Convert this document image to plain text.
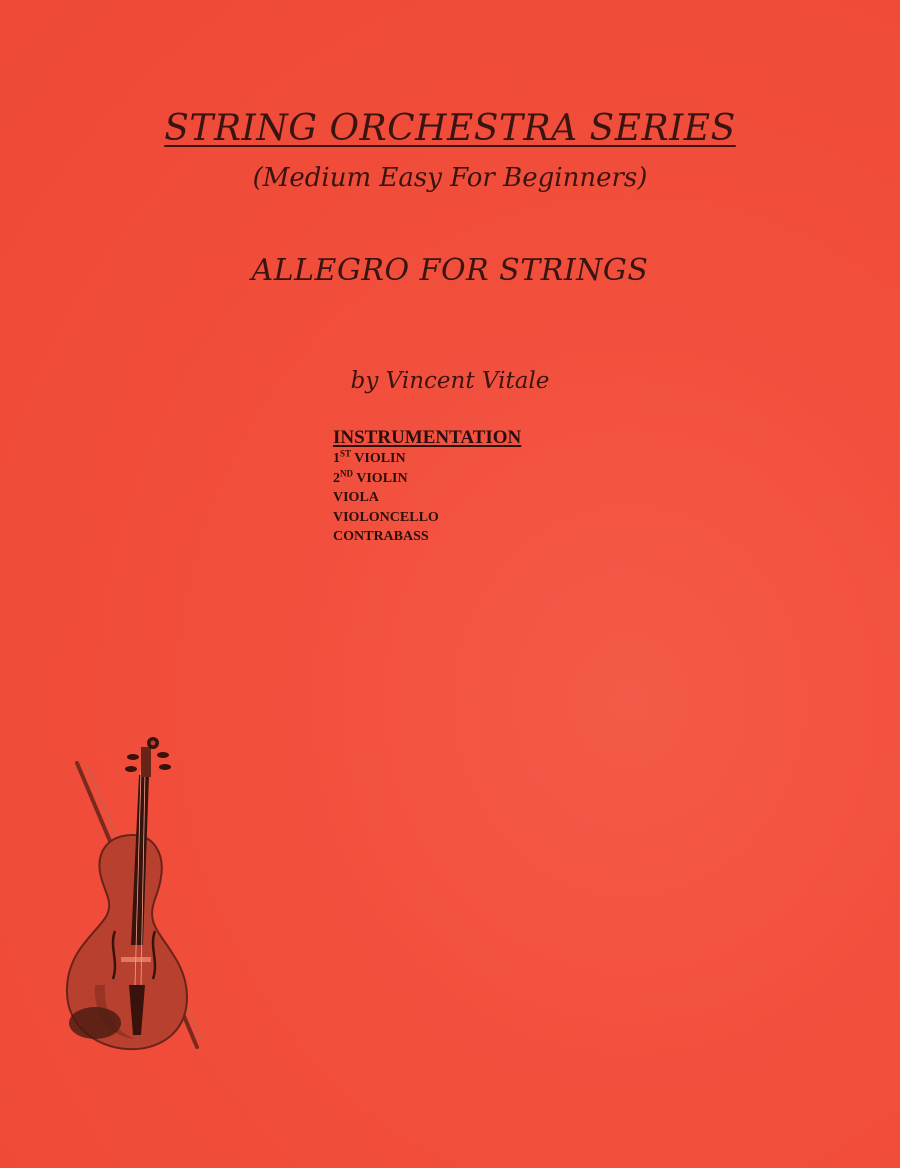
STRING ORCHESTRA SERIES
(Medium Easy For Beginners)
ALLEGRO FOR STRINGS
by Vincent Vitale
INSTRUMENTATION
1ST VIOLIN
2ND VIOLIN
VIOLA
VIOLONCELLO
CONTRABASS
